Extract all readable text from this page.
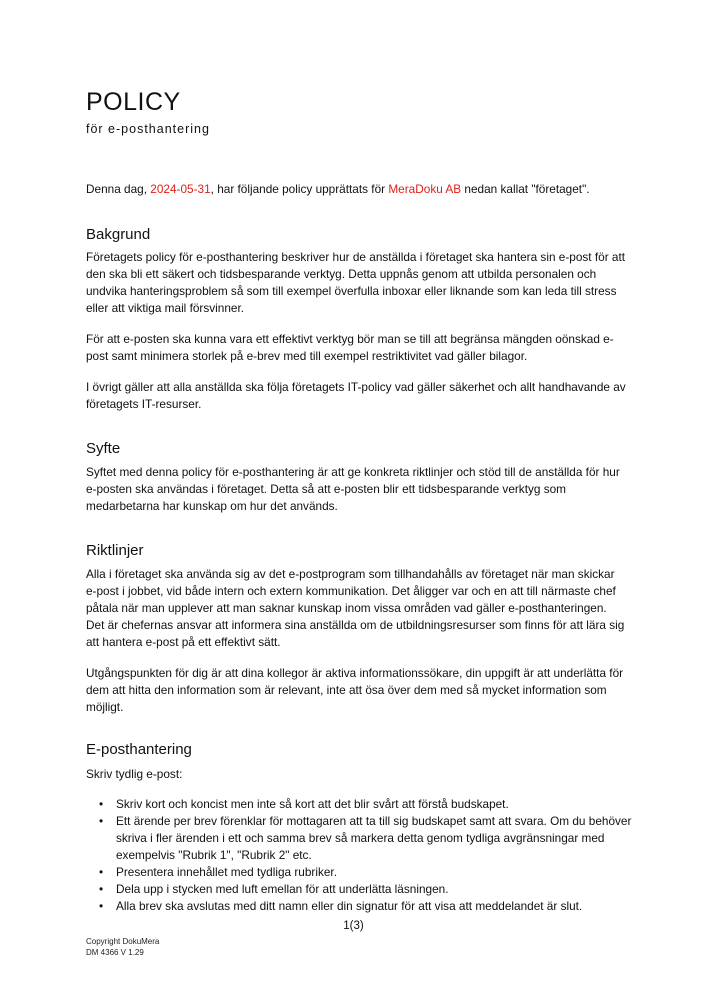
POLICY

för e-posthantering

Denna dag, 2024-05-31, har följande policy upprättats för MeraDoku AB nedan kallat "företaget".

Bakgrund

Företagets policy för e-posthantering beskriver hur de anställda i företaget ska hantera sin e-post för att den ska bli ett säkert och tidsbesparande verktyg. Detta uppnås genom att utbilda personalen och undvika hanteringsproblem så som till exempel överfulla inboxar eller liknande som kan leda till stress eller att viktiga mail försvinner.

För att e-posten ska kunna vara ett effektivt verktyg bör man se till att begränsa mängden oönskad e-post samt minimera storlek på e-brev med till exempel restriktivitet vad gäller bilagor.

I övrigt gäller att alla anställda ska följa företagets IT-policy vad gäller säkerhet och allt handhavande av företagets IT-resurser.

Syfte

Syftet med denna policy för e-posthantering är att ge konkreta riktlinjer och stöd till de anställda för hur e-posten ska användas i företaget. Detta så att e-posten blir ett tidsbesparande verktyg som medarbetarna har kunskap om hur det används.

Riktlinjer

Alla i företaget ska använda sig av det e-postprogram som tillhandahålls av företaget när man skickar e-post i jobbet, vid både intern och extern kommunikation. Det åligger var och en att till närmaste chef påtala när man upplever att man saknar kunskap inom vissa områden vad gäller e-posthanteringen. Det är chefernas ansvar att informera sina anställda om de utbildningsresurser som finns för att lära sig att hantera e-post på ett effektivt sätt.

Utgångspunkten för dig är att dina kollegor är aktiva informationssökare, din uppgift är att underlätta för dem att hitta den information som är relevant, inte att ösa över dem med så mycket information som möjligt.

E-posthantering

Skriv tydlig e-post:

• Skriv kort och koncist men inte så kort att det blir svårt att förstå budskapet.
• Ett ärende per brev förenklar för mottagaren att ta till sig budskapet samt att svara. Om du behöver skriva i fler ärenden i ett och samma brev så markera detta genom tydliga avgränsningar med exempelvis "Rubrik 1", "Rubrik 2" etc.
• Presentera innehållet med tydliga rubriker.
• Dela upp i stycken med luft emellan för att underlätta läsningen.
• Alla brev ska avslutas med ditt namn eller din signatur för att visa att meddelandet är slut.

1(3)

Copyright DokuMera
DM 4366 V 1.29
